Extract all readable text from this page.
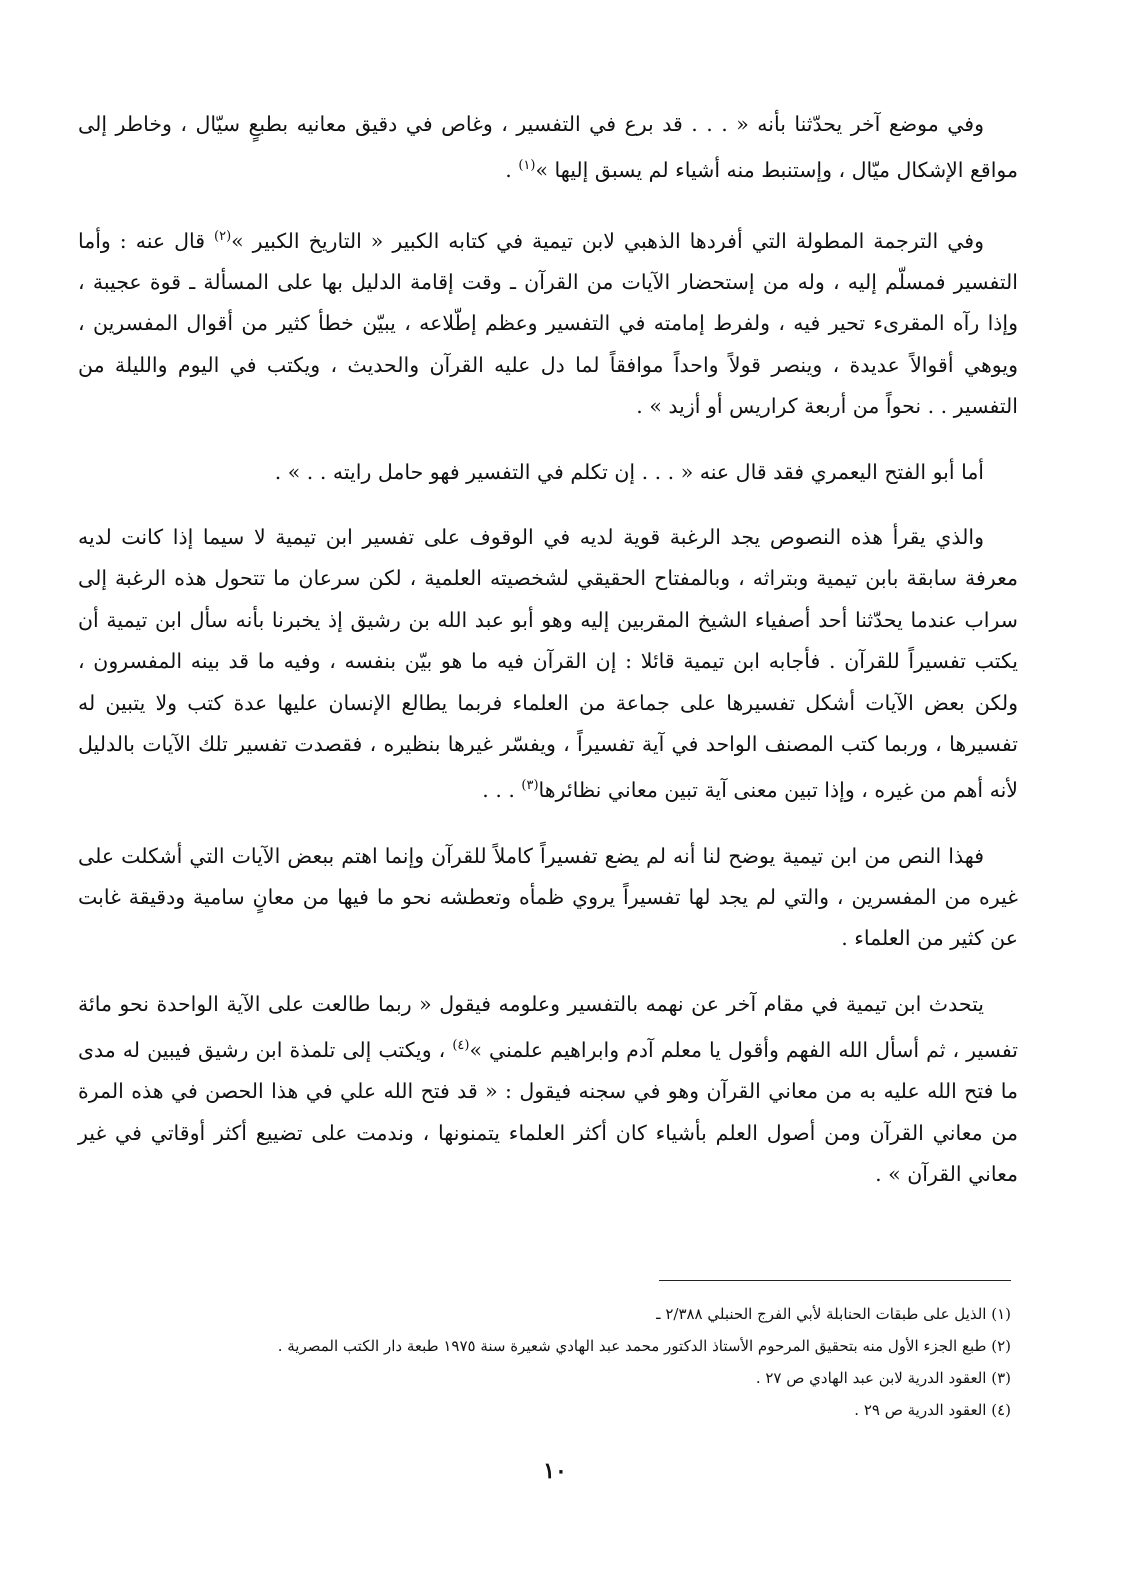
وفي موضع آخر يحدّثنا بأنه « . . . قد برع في التفسير ، وغاص في دقيق معانيه بطبعٍ سيّال ، وخاطر إلى مواقع الإشكال ميّال ، وإستنبط منه أشياء لم يسبق إليها »$^{(١)}$ .

وفي الترجمة المطولة التي أفردها الذهبي لابن تيمية في كتابه الكبير « التاريخ الكبير »$^{(٢)}$ قال عنه : وأما التفسير فمسلّم إليه ، وله من إستحضار الآيات من القرآن ـ وقت إقامة الدليل بها على المسألة ـ قوة عجيبة ، وإذا رآه المقرىء تحير فيه ، ولفرط إمامته في التفسير وعظم إطّلاعه ، يبيّن خطأ كثير من أقوال المفسرين ، ويوهي أقوالاً عديدة ، وينصر قولاً واحداً موافقاً لما دل عليه القرآن والحديث ، ويكتب في اليوم والليلة من التفسير . . نحواً من أربعة كراريس أو أزيد » .

أما أبو الفتح اليعمري فقد قال عنه « . . . إن تكلم في التفسير فهو حامل رايته . . » .

والذي يقرأ هذه النصوص يجد الرغبة قوية لديه في الوقوف على تفسير ابن تيمية لا سيما إذا كانت لديه معرفة سابقة بابن تيمية وبتراثه ، وبالمفتاح الحقيقي لشخصيته العلمية ، لكن سرعان ما تتحول هذه الرغبة إلى سراب عندما يحدّثنا أحد أصفياء الشيخ المقربين إليه وهو أبو عبد الله بن رشيق إذ يخبرنا بأنه سأل ابن تيمية أن يكتب تفسيراً للقرآن . فأجابه ابن تيمية قائلا : إن القرآن فيه ما هو بيّن بنفسه ، وفيه ما قد بينه المفسرون ، ولكن بعض الآيات أشكل تفسيرها على جماعة من العلماء فربما يطالع الإنسان عليها عدة كتب ولا يتبين له تفسيرها ، وربما كتب المصنف الواحد في آية تفسيراً ، ويفسّر غيرها بنظيره ، فقصدت تفسير تلك الآيات بالدليل لأنه أهم من غيره ، وإذا تبين معنى آية تبين معاني نظائرها$^{(٣)}$ . . .

فهذا النص من ابن تيمية يوضح لنا أنه لم يضع تفسيراً كاملاً للقرآن وإنما اهتم ببعض الآيات التي أشكلت على غيره من المفسرين ، والتي لم يجد لها تفسيراً يروي ظمأه وتعطشه نحو ما فيها من معانٍ سامية ودقيقة غابت عن كثير من العلماء .

يتحدث ابن تيمية في مقام آخر عن نهمه بالتفسير وعلومه فيقول « ربما طالعت على الآية الواحدة نحو مائة تفسير ، ثم أسأل الله الفهم وأقول يا معلم آدم وابراهيم علمني »$^{(٤)}$ ، ويكتب إلى تلمذة ابن رشيق فيبين له مدى ما فتح الله عليه به من معاني القرآن وهو في سجنه فيقول : « قد فتح الله علي في هذا الحصن في هذه المرة من معاني القرآن ومن أصول العلم بأشياء كان أكثر العلماء يتمنونها ، وندمت على تضييع أكثر أوقاتي في غير معاني القرآن » .

(١) الذيل على طبقات الحنابلة لأبي الفرج الحنبلي ٢/٣٨٨ ـ

(٢) طبع الجزء الأول منه بتحقيق المرحوم الأستاذ الدكتور محمد عبد الهادي شعيرة سنة ١٩٧٥ طبعة دار الكتب المصرية .

(٣) العقود الدرية لابن عبد الهادي ص ٢٧ .

(٤) العقود الدرية ص ٢٩ .

١٠
